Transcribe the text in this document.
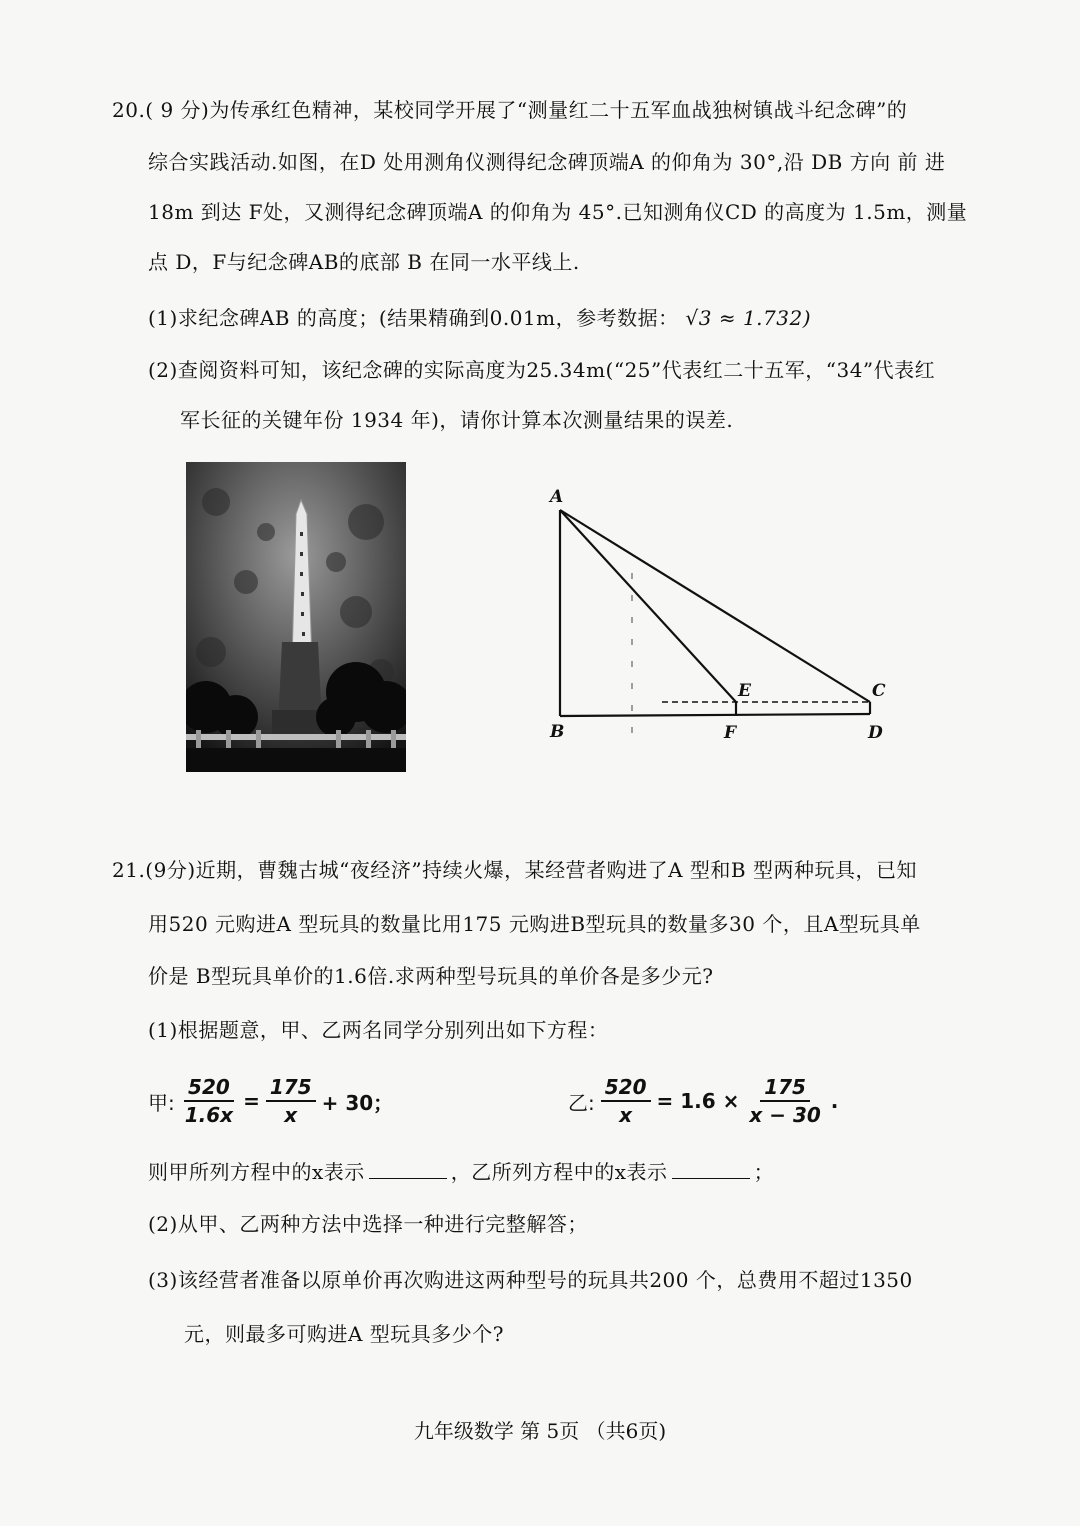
20.( 9 分)为传承红色精神，某校同学开展了“测量红二十五军血战独树镇战斗纪念碑”的
综合实践活动.如图，在D 处用测角仪测得纪念碑顶端A 的仰角为 30°,沿 DB 方向 前 进
18m 到达 F处，又测得纪念碑顶端A 的仰角为 45°.已知测角仪CD 的高度为 1.5m，测量
点 D，F与纪念碑AB的底部 B 在同一水平线上.
(1)求纪念碑AB 的高度；(结果精确到0.01m，参考数据： √3 ≈ 1.732)
(2)查阅资料可知，该纪念碑的实际高度为25.34m(“25”代表红二十五军，“34”代表红
军长征的关键年份 1934 年)，请你计算本次测量结果的误差.
A
B
C
D
E
F
21.(9分)近期，曹魏古城“夜经济”持续火爆，某经营者购进了A 型和B 型两种玩具，已知
用520 元购进A 型玩具的数量比用175 元购进B型玩具的数量多30 个，且A型玩具单
价是 B型玩具单价的1.6倍.求两种型号玩具的单价各是多少元?
(1)根据题意，甲、乙两名同学分别列出如下方程：
甲: $\frac{520}{1.6x} = \frac{175}{x} + 30$；	乙: $\frac{520}{x} = 1.6 \times \frac{175}{x - 30}$ .
则甲所列方程中的x表示	，乙所列方程中的x表示	；
(2)从甲、乙两种方法中选择一种进行完整解答；
(3)该经营者准备以原单价再次购进这两种型号的玩具共200 个，总费用不超过1350
元，则最多可购进A 型玩具多少个?
九年级数学 第 5页 （共6页)
